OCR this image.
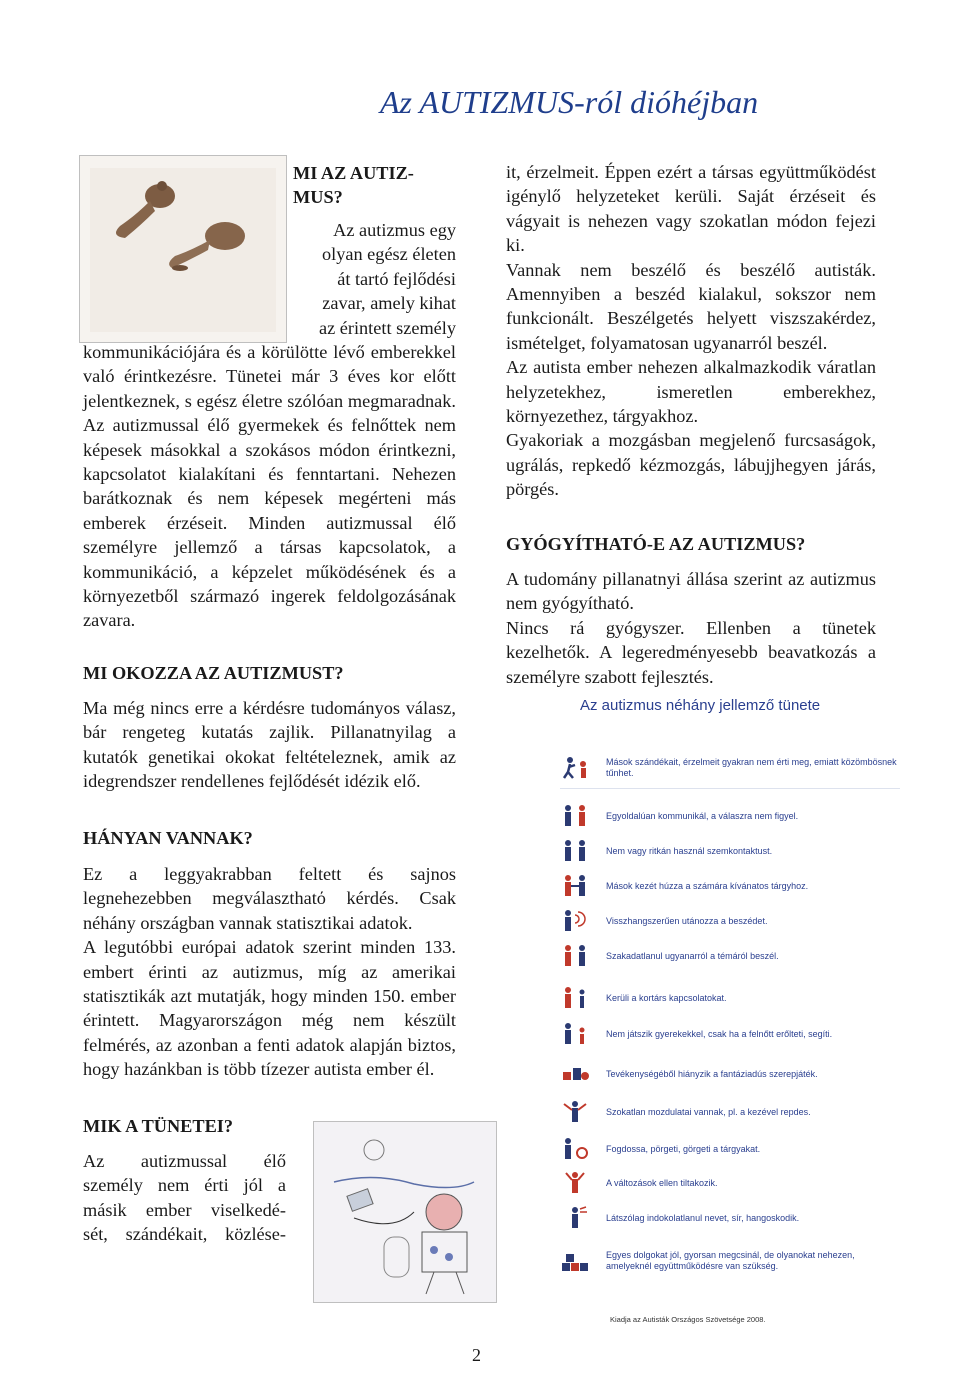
Az AUTIZMUS-ról dióhéjban
MI AZ AUTIZ-
MUS?
Az autizmus egy
olyan egész életen
át tartó fejlődési
zavar, amely kihat
az érintett személy
kommunikációjára és a körülötte lévő emberekkel való érintkezésre. Tünetei már 3 éves kor előtt jelentkeznek, s egész életre szólóan megmaradnak. Az autizmussal élő gyermekek és felnőttek nem képesek másokkal a szokásos módon érintkezni, kapcsolatot kialakítani és fenntartani. Nehezen barátkoznak és nem képesek megérteni más emberek érzéseit. Minden autizmussal élő személyre jellemző a társas kapcsolatok, a kommunikáció, a képzelet működésének és a környezetből származó ingerek feldolgozásának zavara.
MI OKOZZA AZ AUTIZMUST?
Ma még nincs erre a kérdésre tudományos válasz, bár rengeteg kutatás zajlik. Pillanatnyilag a kutatók genetikai okokat feltételeznek, amik az idegrendszer rendellenes fejlődését idézik elő.
HÁNYAN VANNAK?

Ez a leggyakrabban feltett és sajnos legnehezebben megválaszthatό kérdés. Csak néhány országban vannak statisztikai adatok.

A legutóbbi európai adatok szerint minden 133. embert érinti az autizmus, míg az amerikai statisztikák azt mutatják, hogy minden 150. ember érintett. Magyarországon még nem készült felmérés, az azonban a fenti adatok alapján biztos, hogy hazánkban is több tízezer autista ember él.

MIK A TÜNETEI?
Az autizmussal élő
személy nem érti jól a
másik ember viselkedé-
sét, szándékait, közlése-

it, érzelmeit. Éppen ezért a társas együttműködést igénylő helyzeteket kerüli. Saját érzéseit és vágyait is nehezen vagy szokatlan módon fejezi ki.

Vannak nem beszélő és beszélő autisták. Amennyiben a beszéd kialakul, sokszor nem funkcionált. Beszélgetés helyett viszszakérdez, ismételget, folyamatosan ugyanarról beszél.

Az autista ember nehezen alkalmazkodik váratlan helyzetekhez, ismeretlen emberekhez, környezethez, tárgyakhoz.

Gyakoriak a mozgásban megjelenő furcsaságok, ugrálás, repkedő kézmozgás, lábujjhegyen járás, pörgés.

GYÓGYÍTHATÓ-E AZ AUTIZMUS?

A tudomány pillanatnyi állása szerint az autizmus nem gyógyítható.

Nincs rá gyógyszer. Ellenben a tünetek kezelhetők. A legeredményesebb beavatkozás a személyre szabott fejlesztés.

Az autizmus néhány jellemző tünete
Mások szándékait, érzelmeit gyakran nem érti meg, emiatt közömbösnek tűnhet.
Egyoldalúan kommunikál, a válaszra nem figyel.
Nem vagy ritkán használ szemkontaktust.
Mások kezét húzza a számára kívánatos tárgyhoz.
Visszhangszerűen utánozza a beszédet.
Szakadatlanul ugyanarról a témáról beszél.
Kerüli a kortárs kapcsolatokat.
Nem játszik gyerekekkel, csak ha a felnőtt erőlteti, segíti.
Tevékenységéből hiányzik a fantáziadús szerepjáték.
Szokatlan mozdulatai vannak, pl. a kezével repdes.
Fogdossa, pörgeti, görgeti a tárgyakat.
A változások ellen tiltakozik.
Látszólag indokolatlanul nevet, sír, hangoskodik.
Egyes dolgokat jól, gyorsan megcsinál, de olyanokat nehezen, amelyeknél együttműködésre van szükség.
Kiadja az Autisták Országos Szövetsége 2008.
2
